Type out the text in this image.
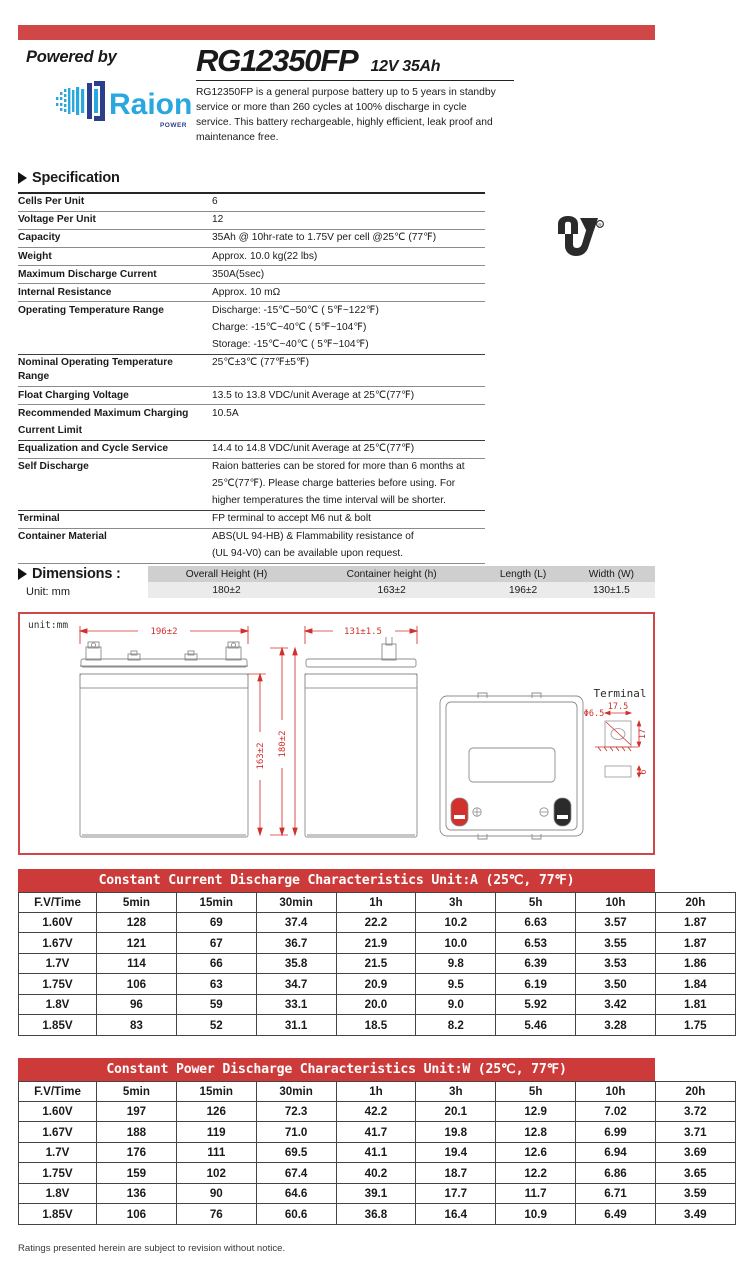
Powered by
Raion
POWER
RG12350FP 12V 35Ah
RG12350FP is a general purpose battery up to 5 years in standby service or more than 260 cycles at 100% discharge in cycle service. This battery rechargeable, highly efficient, leak proof and maintenance free.
R
Specification
Cells Per Unit	6
Voltage Per Unit	12
Capacity	35Ah @ 10hr-rate to 1.75V per cell @25℃ (77℉)
Weight	Approx. 10.0 kg(22 lbs)
Maximum Discharge Current	350A(5sec)
Internal Resistance	Approx. 10 mΩ
Operating Temperature Range	Discharge: -15℃~50℃ ( 5℉~122℉)
	Charge: -15℃~40℃ ( 5℉~104℉)
	Storage: -15℃~40℃ ( 5℉~104℉)
Nominal Operating Temperature Range	25℃±3℃ (77℉±5℉)
Float Charging Voltage	13.5 to 13.8 VDC/unit Average at 25℃(77℉)
Recommended Maximum Charging	10.5A
Current Limit	
Equalization and Cycle Service	14.4 to 14.8 VDC/unit Average at 25℃(77℉)
Self Discharge	Raion batteries can be stored for more than 6 months at
	25℃(77℉). Please charge batteries before using. For
	higher temperatures the time interval will be shorter.
Terminal	FP terminal to accept M6 nut & bolt
Container Material	ABS(UL 94-HB) & Flammability resistance of
	(UL 94-V0) can be available upon request.
Dimensions :
Unit: mm
Overall Height (H)	Container height (h)	Length (L)	Width (W)
180±2	163±2	196±2	130±1.5
unit:mm
196±2	131±1.5
163±2 180±2
Terminal
Φ6.5
17.5
17
6
Constant Current Discharge Characteristics Unit:A (25℃, 77℉)
F.V/Time	5min	15min	30min	1h	3h	5h	10h	20h
1.60V	128	69	37.4	22.2	10.2	6.63	3.57	1.87
1.67V	121	67	36.7	21.9	10.0	6.53	3.55	1.87
1.7V	114	66	35.8	21.5	9.8	6.39	3.53	1.86
1.75V	106	63	34.7	20.9	9.5	6.19	3.50	1.84
1.8V	96	59	33.1	20.0	9.0	5.92	3.42	1.81
1.85V	83	52	31.1	18.5	8.2	5.46	3.28	1.75
Constant Power Discharge Characteristics Unit:W (25℃, 77℉)
F.V/Time	5min	15min	30min	1h	3h	5h	10h	20h
1.60V	197	126	72.3	42.2	20.1	12.9	7.02	3.72
1.67V	188	119	71.0	41.7	19.8	12.8	6.99	3.71
1.7V	176	111	69.5	41.1	19.4	12.6	6.94	3.69
1.75V	159	102	67.4	40.2	18.7	12.2	6.86	3.65
1.8V	136	90	64.6	39.1	17.7	11.7	6.71	3.59
1.85V	106	76	60.6	36.8	16.4	10.9	6.49	3.49
Ratings presented herein are subject to revision without notice.
